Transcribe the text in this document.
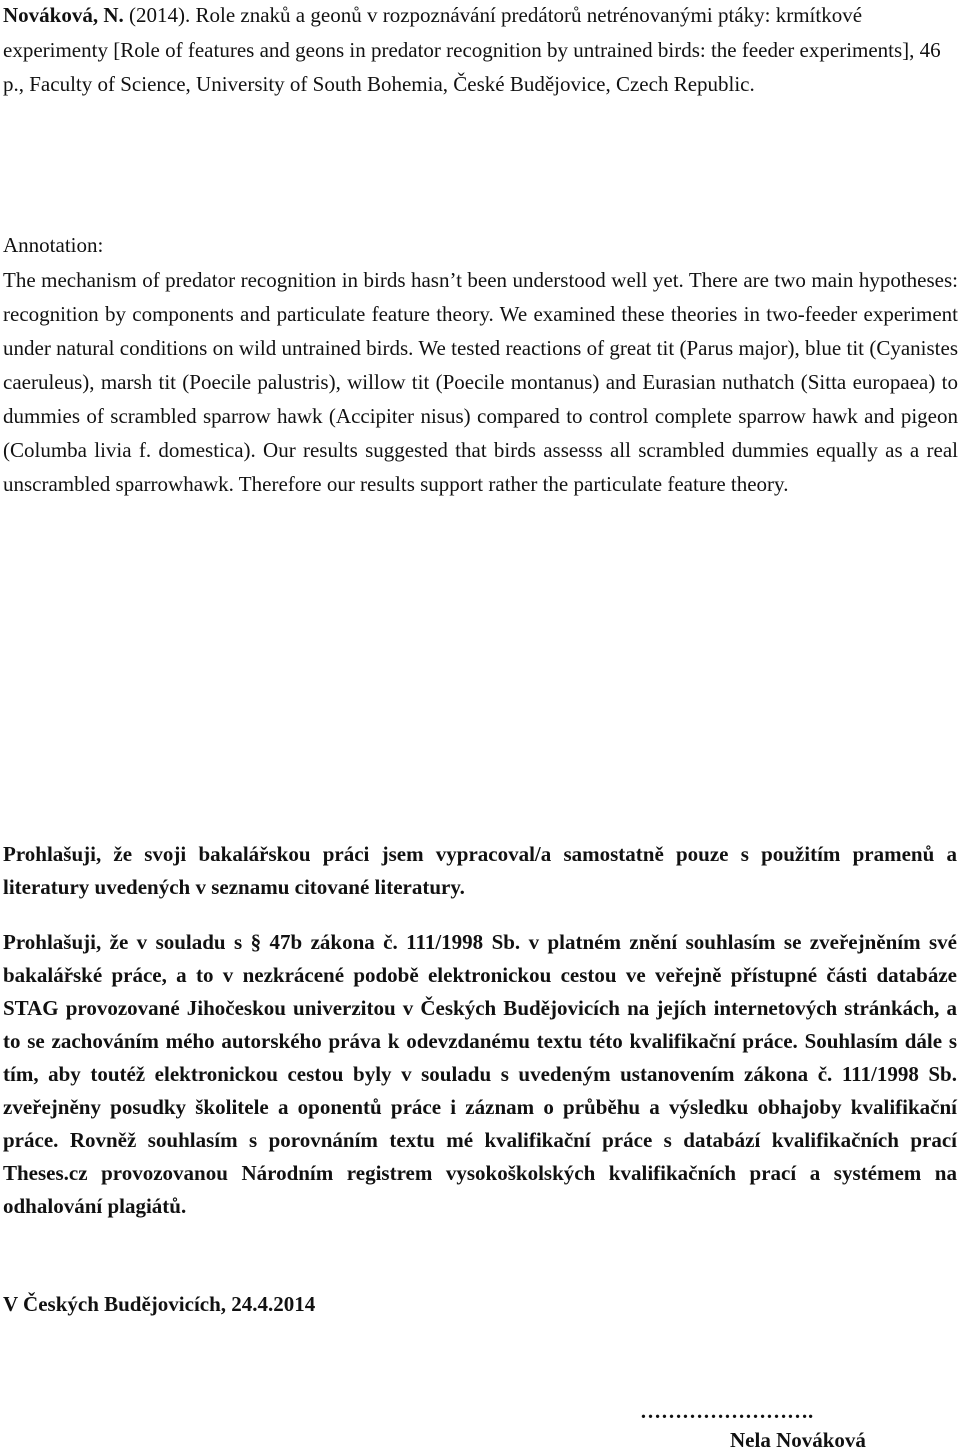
Nováková, N. (2014). Role znaků a geonů v rozpoznávání predátorů netrénovanými ptáky: krmítkové experimenty [Role of features and geons in predator recognition by untrained birds: the feeder experiments], 46 p., Faculty of Science, University of South Bohemia, České Budějovice, Czech Republic.

Annotation:

The mechanism of predator recognition in birds hasn’t been understood well yet. There are two main hypotheses: recognition by components and particulate feature theory. We examined these theories in two-feeder experiment under natural conditions on wild untrained birds. We tested reactions of great tit (Parus major), blue tit (Cyanistes caeruleus), marsh tit (Poecile palustris), willow tit (Poecile montanus) and Eurasian nuthatch (Sitta europaea) to dummies of scrambled sparrow hawk (Accipiter nisus) compared to control complete sparrow hawk and pigeon (Columba livia f. domestica). Our results suggested that birds assesss all scrambled dummies equally as a real unscrambled sparrowhawk. Therefore our results support rather the particulate feature theory.

Prohlašuji, že svoji bakalářskou práci jsem vypracoval/a samostatně pouze s použitím pramenů a literatury uvedených v seznamu citované literatury.

Prohlašuji, že v souladu s § 47b zákona č. 111/1998 Sb. v platném znění souhlasím se zveřejněním své bakalářské práce, a to v nezkrácené podobě elektronickou cestou ve veřejně přístupné části databáze STAG provozované Jihočeskou univerzitou v Českých Budějovicích na jejích internetových stránkách, a to se zachováním mého autorského práva k odevzdanému textu této kvalifikační práce. Souhlasím dále s tím, aby toutéž elektronickou cestou byly v souladu s uvedeným ustanovením zákona č. 111/1998 Sb. zveřejněny posudky školitele a oponentů práce i záznam o průběhu a výsledku obhajoby kvalifikační práce. Rovněž souhlasím s porovnáním textu mé kvalifikační práce s databází kvalifikačních prací Theses.cz provozovanou Národním registrem vysokoškolských kvalifikačních prací a systémem na odhalování plagiátů.

V Českých Budějovicích, 24.4.2014
…………………….
Nela Nováková
